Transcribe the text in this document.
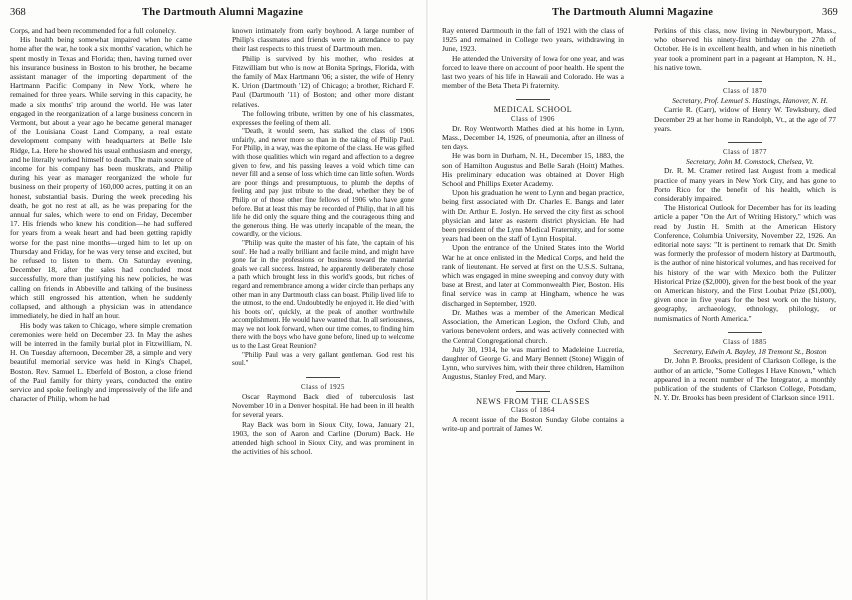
368	The Dartmouth Alumni Magazine

Corps, and had been recommended for a full colonelcy.

His health being somewhat impaired when he came home after the war, he took a six months' vacation, which he spent mostly in Texas and Florida; then, having turned over his insurance business in Boston to his brother, he became assistant manager of the importing department of the Hartmann Pacific Company in New York, where he remained for three years. While serving in this capacity, he made a six months' trip around the world. He was later engaged in the reorganization of a large business concern in Vermont, but about a year ago he became general manager of the Louisiana Coast Land Company, a real estate development company with headquarters at Belle Isle Ridge, La. Here he showed his usual enthusiasm and energy, and he literally worked himself to death. The main source of income for his company has been muskrats, and Philip during his year as manager reorganized the whole fur business on their property of 160,000 acres, putting it on an honest, substantial basis. During the week preceding his death, he got no rest at all, as he was preparing for the annual fur sales, which were to end on Friday, December 17. His friends who knew his condition—he had suffered for years from a weak heart and had been getting rapidly worse for the past nine months—urged him to let up on Thursday and Friday, for he was very tense and excited, but he refused to listen to them. On Saturday evening, December 18, after the sales had concluded most successfully, more than justifying his new policies, he was calling on friends in Abbeville and talking of the business which still engrossed his attention, when he suddenly collapsed, and although a physician was in attendance immediately, he died in half an hour.

His body was taken to Chicago, where simple cremation ceremonies were held on December 23. In May the ashes will be interred in the family burial plot in Fitzwilliam, N. H. On Tuesday afternoon, December 28, a simple and very beautiful memorial service was held in King's Chapel, Boston. Rev. Samuel L. Eberfeld of Boston, a close friend of the Paul family for thirty years, conducted the entire service and spoke feelingly and impressively of the life and character of Philip, whom he had

known intimately from early boyhood. A large number of Philip's classmates and friends were in attendance to pay their last respects to this truest of Dartmouth men.

Philip is survived by his mother, who resides at Fitzwilliam but who is now at Bonita Springs, Florida, with the family of Max Hartmann '06; a sister, the wife of Henry K. Urion (Dartmouth '12) of Chicago; a brother, Richard F. Paul (Dartmouth '11) of Boston; and other more distant relatives.

The following tribute, written by one of his classmates, expresses the feeling of them all.

"Death, it would seem, has stalked the class of 1906 unfairly, and never more so than in the taking of Philip Paul. For Philip, in a way, was the epitome of the class. He was gifted with those qualities which win regard and affection to a degree given to few, and his passing leaves a void which time can never fill and a sense of loss which time can little soften. Words are poor things and presumptuous, to plumb the depths of feeling and pay just tribute to the dead, whether they be of Philip or of those other fine fellows of 1906 who have gone before. But at least this may be recorded of Philip, that in all his life he did only the square thing and the courageous thing and the generous thing. He was utterly incapable of the mean, the cowardly, or the vicious.

"Philip was quite the master of his fate, 'the captain of his soul'. He had a really brilliant and facile mind, and might have gone far in the professions or business toward the material goals we call success. Instead, he apparently deliberately chose a path which brought less in this world's goods, but riches of regard and remembrance among a wider circle than perhaps any other man in any Dartmouth class can boast. Philip lived life to the utmost, to the end. Undoubtedly he enjoyed it. He died 'with his boots on', quickly, at the peak of another worthwhile accomplishment. He would have wanted that. In all seriousness, may we not look forward, when our time comes, to finding him there with the boys who have gone before, lined up to welcome us to the Last Great Reunion?

"Philip Paul was a very gallant gentleman. God rest his soul."

Class of 1925

Oscar Raymond Back died of tuberculosis last November 10 in a Denver hospital. He had been in ill health for several years.

Ray Back was born in Sioux City, Iowa, January 21, 1903, the son of Aaron and Carline (Dorum) Back. He attended high school in Sioux City, and was prominent in the activities of his school.

The Dartmouth Alumni Magazine	369

Ray entered Dartmouth in the fall of 1921 with the class of 1925 and remained in College two years, withdrawing in June, 1923.

He attended the University of Iowa for one year, and was forced to leave there on account of poor health. He spent the last two years of his life in Hawaii and Colorado. He was a member of the Beta Theta Pi fraternity.

MEDICAL SCHOOL

Class of 1906

Dr. Roy Wentworth Mathes died at his home in Lynn, Mass., December 14, 1926, of pneumonia, after an illness of ten days.

He was born in Durham, N. H., December 15, 1883, the son of Hamilton Augustus and Belle Sarah (Hoitt) Mathes. His preliminary education was obtained at Dover High School and Phillips Exeter Academy.

Upon his graduation he went to Lynn and began practice, being first associated with Dr. Charles E. Bangs and later with Dr. Arthur E. Joslyn. He served the city first as school physician and later as eastern district physician. He had been president of the Lynn Medical Fraternity, and for some years had been on the staff of Lynn Hospital.

Upon the entrance of the United States into the World War he at once enlisted in the Medical Corps, and held the rank of lieutenant. He served at first on the U.S.S. Sultana, which was engaged in mine sweeping and convoy duty with base at Brest, and later at Commonwealth Pier, Boston. His final service was in camp at Hingham, whence he was discharged in September, 1920.

Dr. Mathes was a member of the American Medical Association, the American Legion, the Oxford Club, and various benevolent orders, and was actively connected with the Central Congregational church.

July 30, 1914, he was married to Madeleine Lucretia, daughter of George G. and Mary Bennett (Stone) Wiggin of Lynn, who survives him, with their three children, Hamilton Augustus, Stanley Fred, and Mary.

NEWS FROM THE CLASSES

Class of 1864

A recent issue of the Boston Sunday Globe contains a write-up and portrait of James W.

Perkins of this class, now living in Newburyport, Mass., who observed his ninety-first birthday on the 27th of October. He is in excellent health, and when in his ninetieth year took a prominent part in a pageant at Hampton, N. H., his native town.

Class of 1870

Secretary, Prof. Lemuel S. Hastings, Hanover, N. H.

Carrie R. (Carr), widow of Henry W. Tewksbury, died December 29 at her home in Randolph, Vt., at the age of 77 years.

Class of 1877

Secretary, John M. Comstock, Chelsea, Vt.

Dr. R. M. Cramer retired last August from a medical practice of many years in New York City, and has gone to Porto Rico for the benefit of his health, which is considerably impaired.

The Historical Outlook for December has for its leading article a paper "On the Art of Writing History," which was read by Justin H. Smith at the American History Conference, Columbia University, November 22, 1926. An editorial note says: "It is pertinent to remark that Dr. Smith was formerly the professor of modern history at Dartmouth, is the author of nine historical volumes, and has received for his history of the war with Mexico both the Pulitzer Historical Prize ($2,000), given for the best book of the year on American history, and the First Loubat Prize ($1,000), given once in five years for the best work on the history, geography, archaeology, ethnology, philology, or numismatics of North America."

Class of 1885

Secretary, Edwin A. Bayley, 18 Tremont St., Boston

Dr. John P. Brooks, president of Clarkson College, is the author of an article, "Some Colleges I Have Known," which appeared in a recent number of The Integrator, a monthly publication of the students of Clarkson College, Potsdam, N. Y. Dr. Brooks has been president of Clarkson since 1911.
